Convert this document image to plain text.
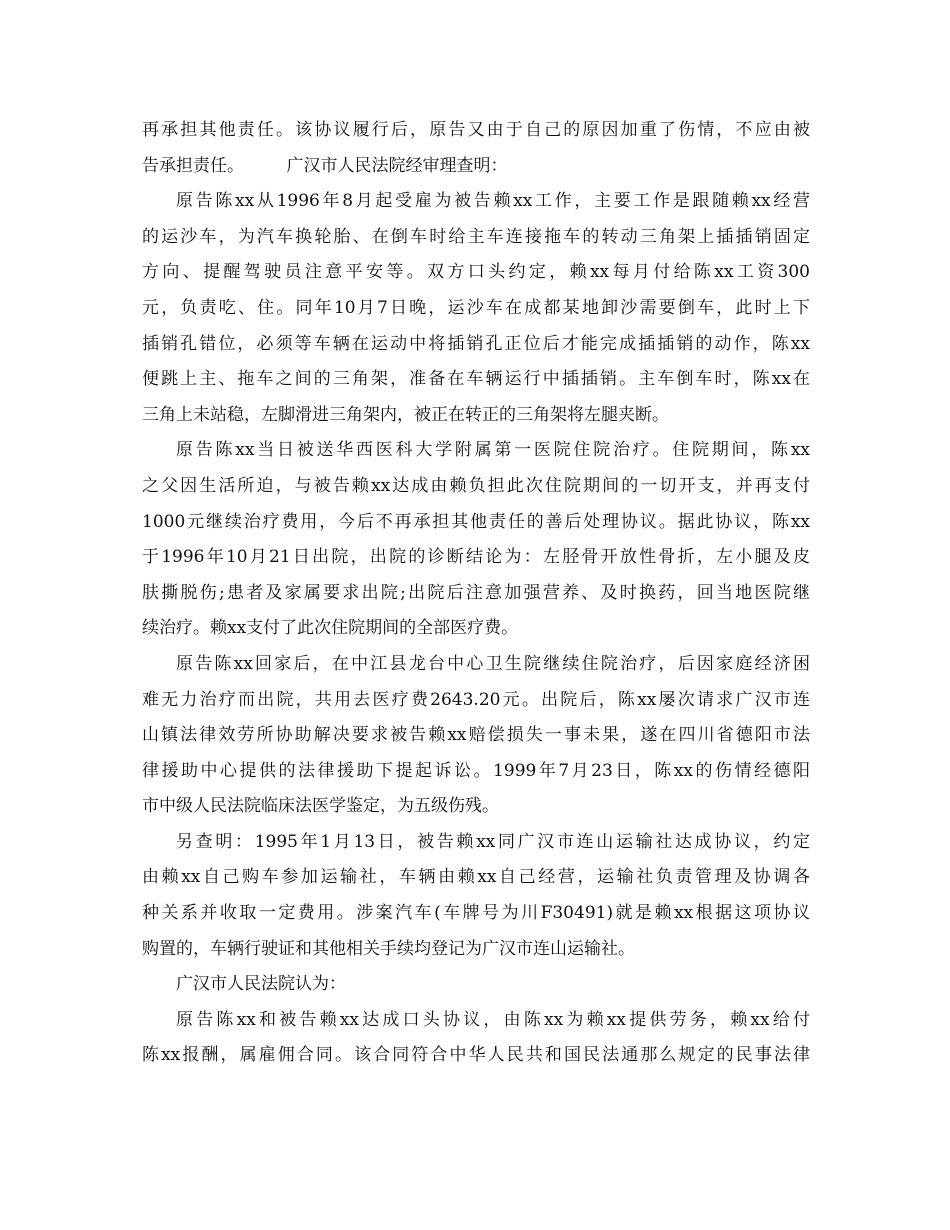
再承担其他责任。该协议履行后，原告又由于自己的原因加重了伤情，不应由被
告承担责任。　　　广汉市人民法院经审理查明：
原告陈xx从1996年8月起受雇为被告赖xx工作，主要工作是跟随赖xx经营
的运沙车，为汽车换轮胎、在倒车时给主车连接拖车的转动三角架上插插销固定
方向、提醒驾驶员注意平安等。双方口头约定，赖xx每月付给陈xx工资300
元，负责吃、住。同年10月7日晚，运沙车在成都某地卸沙需要倒车，此时上下
插销孔错位，必须等车辆在运动中将插销孔正位后才能完成插插销的动作，陈xx
便跳上主、拖车之间的三角架，准备在车辆运行中插插销。主车倒车时，陈xx在
三角上未站稳，左脚滑进三角架内，被正在转正的三角架将左腿夹断。
原告陈xx当日被送华西医科大学附属第一医院住院治疗。住院期间，陈xx
之父因生活所迫，与被告赖xx达成由赖负担此次住院期间的一切开支，并再支付
1000元继续治疗费用，今后不再承担其他责任的善后处理协议。据此协议，陈xx
于1996年10月21日出院，出院的诊断结论为：左胫骨开放性骨折，左小腿及皮
肤撕脱伤;患者及家属要求出院;出院后注意加强营养、及时换药，回当地医院继
续治疗。赖xx支付了此次住院期间的全部医疗费。
原告陈xx回家后，在中江县龙台中心卫生院继续住院治疗，后因家庭经济困
难无力治疗而出院，共用去医疗费2643.20元。出院后，陈xx屡次请求广汉市连
山镇法律效劳所协助解决要求被告赖xx赔偿损失一事未果，遂在四川省德阳市法
律援助中心提供的法律援助下提起诉讼。1999年7月23日，陈xx的伤情经德阳
市中级人民法院临床法医学鉴定，为五级伤残。
另查明：1995年1月13日，被告赖xx同广汉市连山运输社达成协议，约定
由赖xx自己购车参加运输社，车辆由赖xx自己经营，运输社负责管理及协调各
种关系并收取一定费用。涉案汽车(车牌号为川F30491)就是赖xx根据这项协议
购置的，车辆行驶证和其他相关手续均登记为广汉市连山运输社。
广汉市人民法院认为：
原告陈xx和被告赖xx达成口头协议，由陈xx为赖xx提供劳务，赖xx给付
陈xx报酬，属雇佣合同。该合同符合中华人民共和国民法通那么规定的民事法律
